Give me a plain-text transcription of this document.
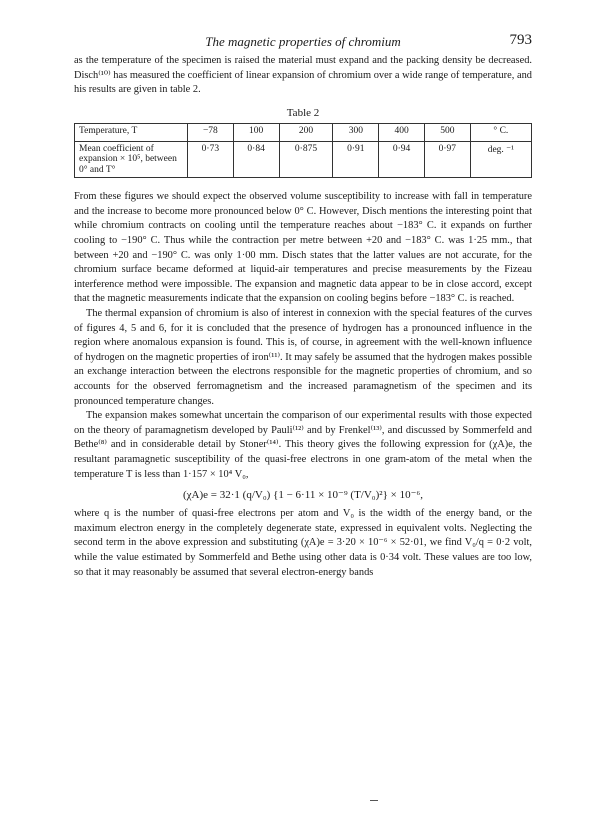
The magnetic properties of chromium	793

as the temperature of the specimen is raised the material must expand and the packing density be decreased. Disch⁽¹⁰⁾ has measured the coefficient of linear expansion of chromium over a wide range of temperature, and his results are given in table 2.

Table 2
Temperature, T	−78	100	200	300	400	500	° C.
Mean coefficient of expansion × 10⁵, between 0° and T°	0·73	0·84	0·875	0·91	0·94	0·97	deg. ⁻¹

From these figures we should expect the observed volume susceptibility to increase with fall in temperature and the increase to become more pronounced below 0° C. However, Disch mentions the interesting point that while chromium contracts on cooling until the temperature reaches about −183° C. it expands on further cooling to −190° C. Thus while the contraction per metre between +20 and −183° C. was 1·25 mm., that between +20 and −190° C. was only 1·00 mm. Disch states that the latter values are not accurate, for the chromium surface became deformed at liquid-air temperatures and precise measurements by the Fizeau interference method were impossible. The expansion and magnetic data appear to be in close accord, except that the magnetic measurements indicate that the expansion on cooling begins before −183° C. is reached.

The thermal expansion of chromium is also of interest in connexion with the special features of the curves of figures 4, 5 and 6, for it is concluded that the presence of hydrogen has a pronounced influence in the region where anomalous expansion is found. This is, of course, in agreement with the well-known influence of hydrogen on the magnetic properties of iron⁽¹¹⁾. It may safely be assumed that the hydrogen makes possible an exchange interaction between the electrons responsible for the magnetic properties of chromium, and so accounts for the observed ferromagnetism and the increased paramagnetism of the specimen and its pronounced temperature changes.

The expansion makes somewhat uncertain the comparison of our experimental results with those expected on the theory of paramagnetism developed by Pauli⁽¹²⁾ and by Frenkel⁽¹³⁾, and discussed by Sommerfeld and Bethe⁽⁸⁾ and in considerable detail by Stoner⁽¹⁴⁾. This theory gives the following expression for (χA)e, the resultant paramagnetic susceptibility of the quasi-free electrons in one gram-atom of the metal when the temperature T is less than 1·157 × 10⁴ V₀,

(χA)e = 32·1 (q/V₀) {1 − 6·11 × 10⁻⁹ (T/V₀)²} × 10⁻⁶,

where q is the number of quasi-free electrons per atom and V₀ is the width of the energy band, or the maximum electron energy in the completely degenerate state, expressed in equivalent volts. Neglecting the second term in the above expression and substituting (χA)e = 3·20 × 10⁻⁶ × 52·01, we find V₀/q = 0·2 volt, while the value estimated by Sommerfeld and Bethe using other data is 0·34 volt. These values are too low, so that it may reasonably be assumed that several electron-energy bands
